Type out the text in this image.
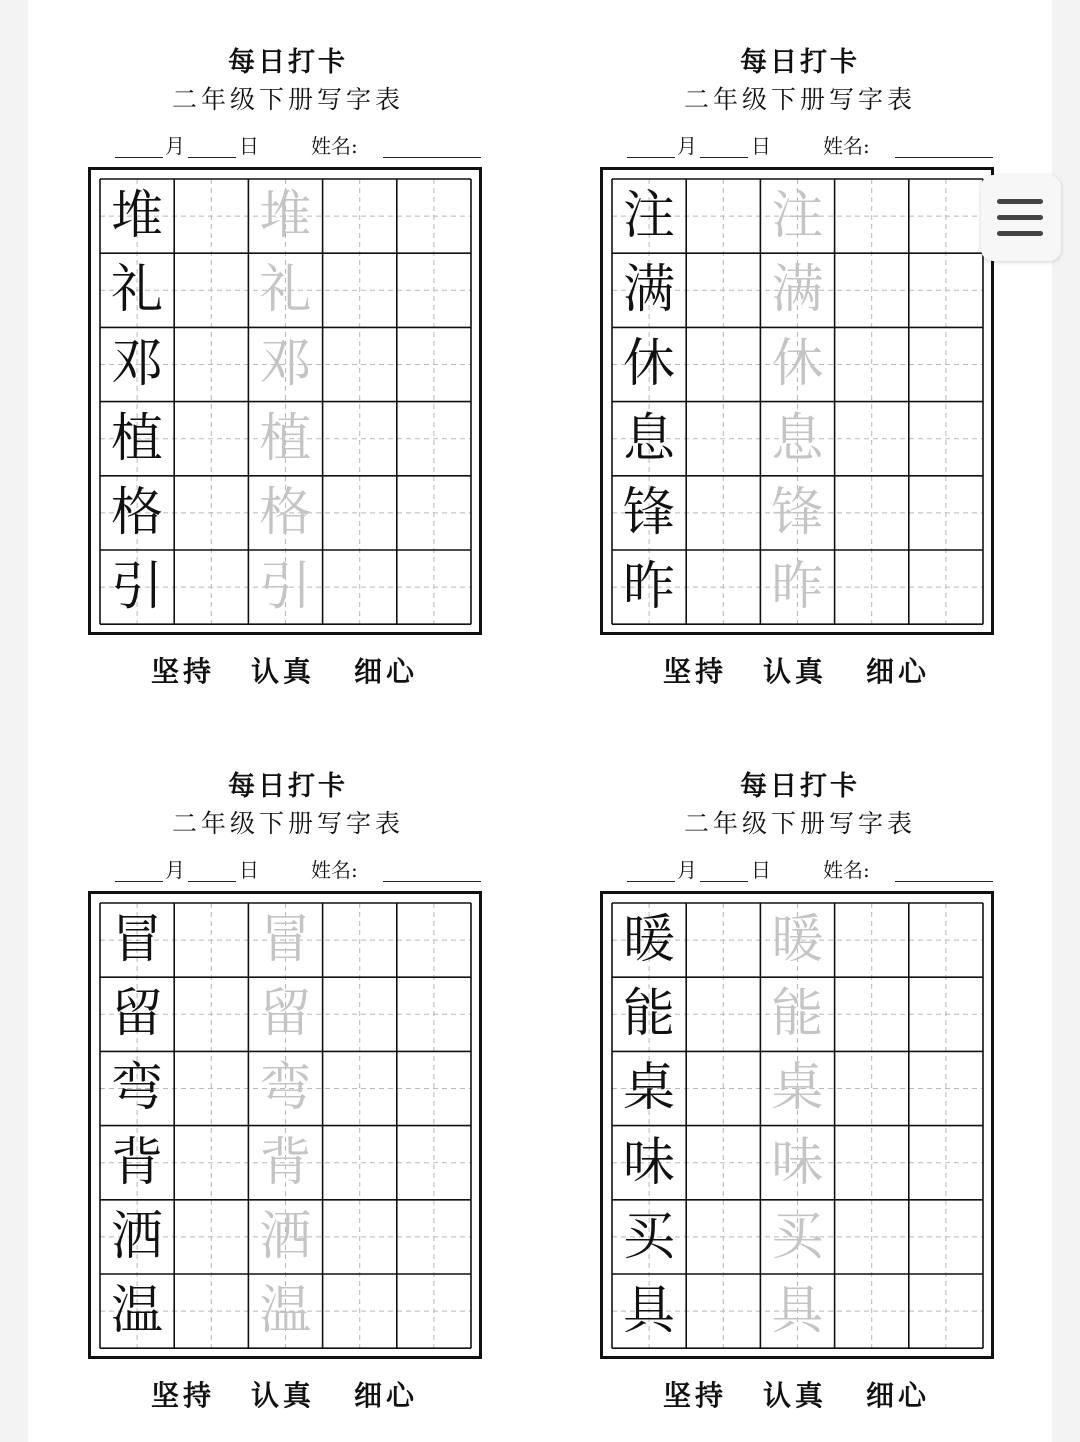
每日打卡
二年级下册写字表
月	日	姓名:
堆 堆
礼 礼
邓 邓
植 植
格 格
引 引
坚持 认真 细心
每日打卡
二年级下册写字表
月	日	姓名:
注 注
满 满
休 休
息 息
锋 锋
昨 昨
坚持 认真 细心
每日打卡
二年级下册写字表
月	日	姓名:
冒 冒
留 留
弯 弯
背 背
洒 洒
温 温
坚持 认真 细心
每日打卡
二年级下册写字表
月	日	姓名:
暖 暖
能 能
桌 桌
味 味
买 买
具 具
坚持 认真 细心
